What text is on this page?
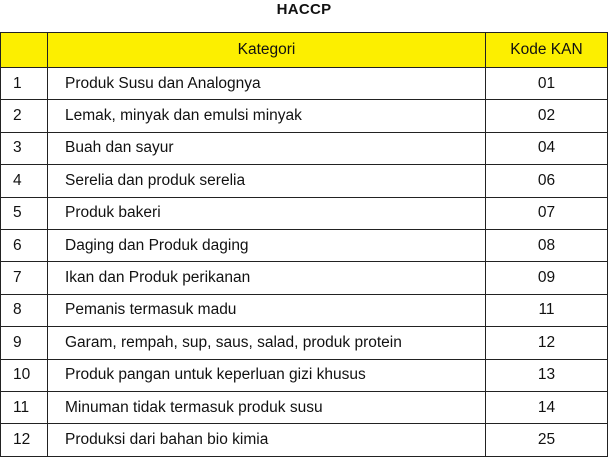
HACCP
	Kategori	Kode KAN
1	Produk Susu dan Analognya	01
2	Lemak, minyak dan emulsi minyak	02
3	Buah dan sayur	04
4	Serelia dan produk serelia	06
5	Produk bakeri	07
6	Daging dan Produk daging	08
7	Ikan dan Produk perikanan	09
8	Pemanis termasuk madu	11
9	Garam, rempah, sup, saus, salad, produk protein	12
10	Produk pangan untuk keperluan gizi khusus	13
11	Minuman tidak termasuk produk susu	14
12	Produksi dari bahan bio kimia	25
